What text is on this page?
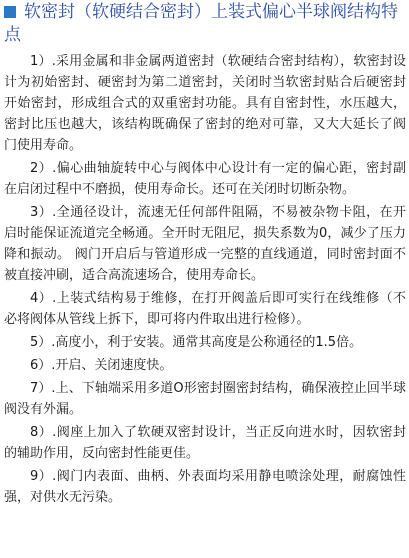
软密封（软硬结合密封）上装式偏心半球阀结构特点

1）.采用金属和非金属两道密封（软硬结合密封结构），软密封设计为初始密封、硬密封为第二道密封，关闭时当软密封贴合后硬密封开始密封，形成组合式的双重密封功能。具有自密封性，水压越大，密封比压也越大，该结构既确保了密封的绝对可靠，又大大延长了阀门使用寿命。

2）.偏心曲轴旋转中心与阀体中心设计有一定的偏心距，密封副在启闭过程中不磨损，使用寿命长。还可在关闭时切断杂物。

3）.全通径设计，流速无任何部件阻隔，不易被杂物卡阻，在开启时能保证流道完全畅通。全开时无阻尼，损失系数为0，减少了压力降和振动。 阀门开启后与管道形成一完整的直线通道，同时密封面不被直接冲刷，适合高流速场合，使用寿命长。

4）.上装式结构易于维修，在打开阀盖后即可实行在线维修（不必将阀体从管线上拆下，即可将内件取出进行检修）。

5）.高度小，利于安装。通常其高度是公称通径的1.5倍。

6）.开启、关闭速度快。

7）.上、下轴端采用多道O形密封圈密封结构，确保液控止回半球阀没有外漏。

8）.阀座上加入了软硬双密封设计，当正反向进水时，因软密封的辅助作用，反向密封性能更佳。

9）.阀门内表面、曲柄、外表面均采用静电喷涂处理，耐腐蚀性强，对供水无污染。
